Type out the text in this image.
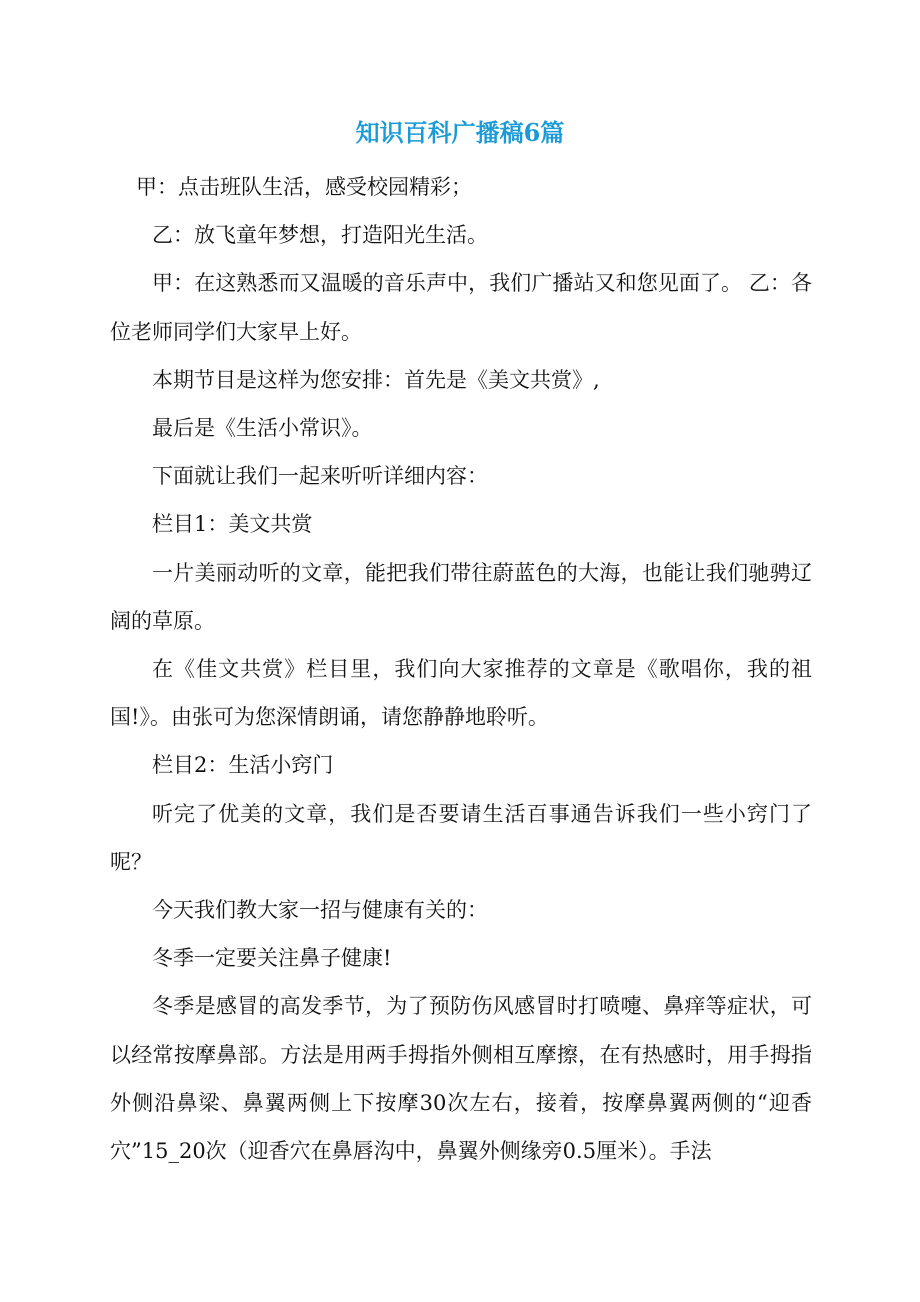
知识百科广播稿6篇

甲：点击班队生活，感受校园精彩；

乙：放飞童年梦想，打造阳光生活。

甲：在这熟悉而又温暖的音乐声中，我们广播站又和您见面了。 乙：各位老师同学们大家早上好。

本期节目是这样为您安排：首先是《美文共赏》,

最后是《生活小常识》。

下面就让我们一起来听听详细内容：

栏目1：美文共赏

一片美丽动听的文章，能把我们带往蔚蓝色的大海，也能让我们驰骋辽阔的草原。

在《佳文共赏》栏目里，我们向大家推荐的文章是《歌唱你，我的祖国!》。由张可为您深情朗诵，请您静静地聆听。

栏目2：生活小窍门

听完了优美的文章，我们是否要请生活百事通告诉我们一些小窍门了呢？

今天我们教大家一招与健康有关的：

冬季一定要关注鼻子健康!

冬季是感冒的高发季节，为了预防伤风感冒时打喷嚏、鼻痒等症状，可以经常按摩鼻部。方法是用两手拇指外侧相互摩擦，在有热感时，用手拇指外侧沿鼻梁、鼻翼两侧上下按摩30次左右，接着，按摩鼻翼两侧的“迎香穴”15_20次（迎香穴在鼻唇沟中，鼻翼外侧缘旁0.5厘米）。手法
